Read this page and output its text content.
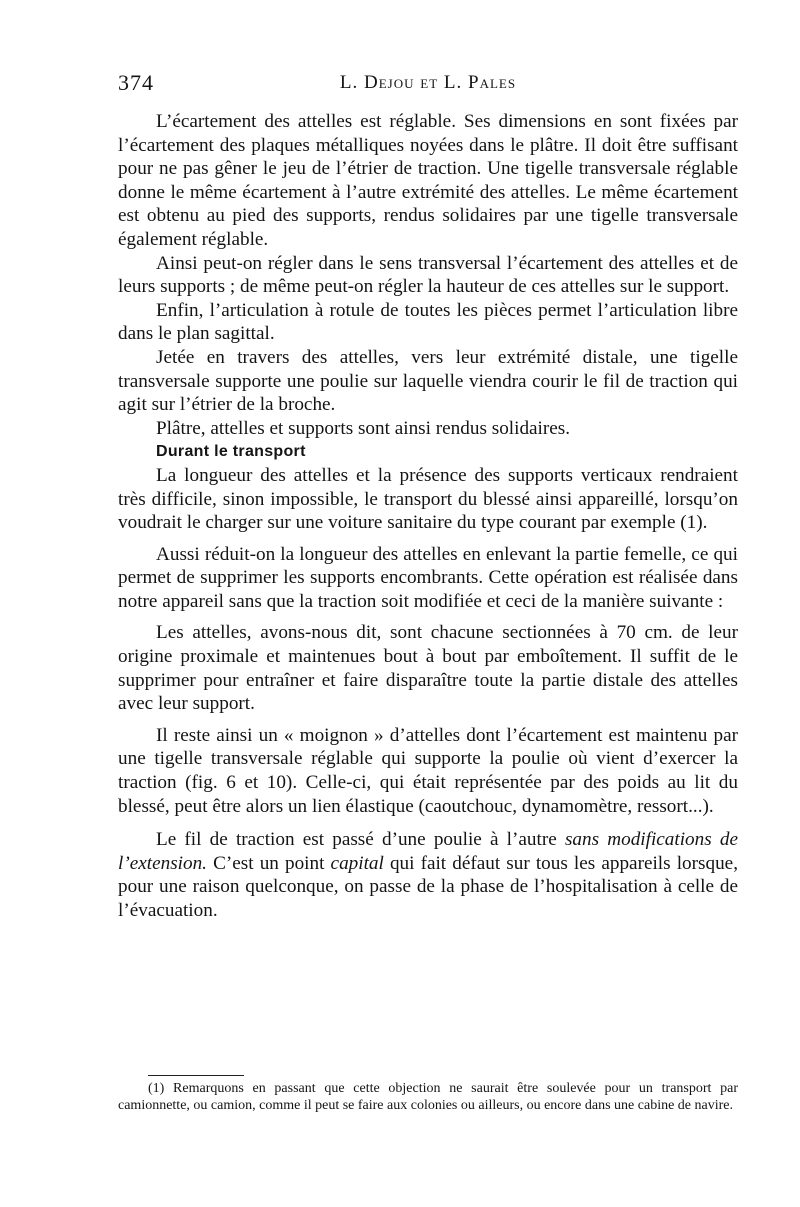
374	L. Dejou et L. Pales

L’écartement des attelles est réglable. Ses dimensions en sont fixées par l’écartement des plaques métalliques noyées dans le plâtre. Il doit être suffisant pour ne pas gêner le jeu de l’étrier de traction. Une tigelle transversale réglable donne le même écartement à l’autre extrémité des attelles. Le même écartement est obtenu au pied des supports, rendus solidaires par une tigelle transversale également réglable.

Ainsi peut-on régler dans le sens transversal l’écartement des attelles et de leurs supports ; de même peut-on régler la hauteur de ces attelles sur le support.

Enfin, l’articulation à rotule de toutes les pièces permet l’articulation libre dans le plan sagittal.

Jetée en travers des attelles, vers leur extrémité distale, une tigelle transversale supporte une poulie sur laquelle viendra courir le fil de traction qui agit sur l’étrier de la broche.

Plâtre, attelles et supports sont ainsi rendus solidaires.

Durant le transport

La longueur des attelles et la présence des supports verticaux rendraient très difficile, sinon impossible, le transport du blessé ainsi appareillé, lorsqu’on voudrait le charger sur une voiture sanitaire du type courant par exemple (1).

Aussi réduit-on la longueur des attelles en enlevant la partie femelle, ce qui permet de supprimer les supports encombrants. Cette opération est réalisée dans notre appareil sans que la traction soit modifiée et ceci de la manière suivante :

Les attelles, avons-nous dit, sont chacune sectionnées à 70 cm. de leur origine proximale et maintenues bout à bout par emboîtement. Il suffit de le supprimer pour entraîner et faire disparaître toute la partie distale des attelles avec leur support.

Il reste ainsi un « moignon » d’attelles dont l’écartement est maintenu par une tigelle transversale réglable qui supporte la poulie où vient d’exercer la traction (fig. 6 et 10). Celle-ci, qui était représentée par des poids au lit du blessé, peut être alors un lien élastique (caoutchouc, dynamomètre, ressort...).

Le fil de traction est passé d’une poulie à l’autre sans modifications de l’extension. C’est un point capital qui fait défaut sur tous les appareils lorsque, pour une raison quelconque, on passe de la phase de l’hospitalisation à celle de l’évacuation.

(1) Remarquons en passant que cette objection ne saurait être soulevée pour un transport par camionnette, ou camion, comme il peut se faire aux colonies ou ailleurs, ou encore dans une cabine de navire.
